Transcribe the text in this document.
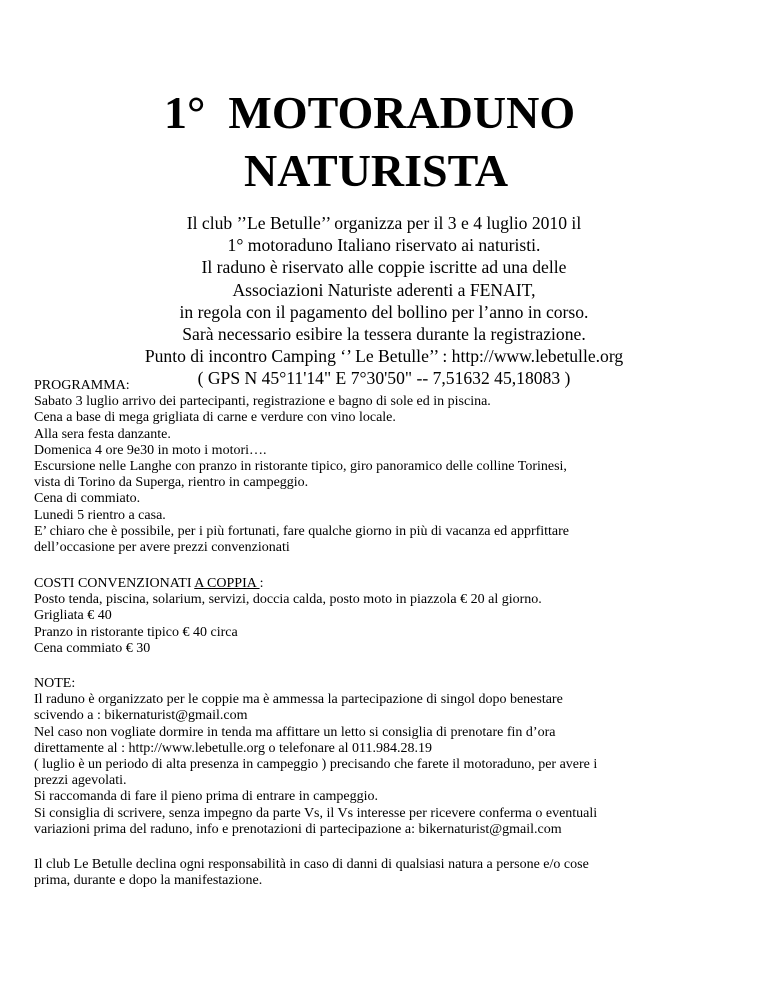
1°  MOTORADUNO
NATURISTA
Il club ’’Le Betulle’’ organizza per il 3 e 4 luglio 2010 il
1° motoraduno Italiano riservato ai naturisti.
Il raduno è riservato alle coppie iscritte ad una delle
Associazioni Naturiste aderenti a FENAIT,
in regola con il pagamento del bollino per l’anno in corso.
Sarà necessario esibire la tessera durante la registrazione.
Punto di incontro Camping ‘’ Le Betulle’’ : http://www.lebetulle.org
( GPS N 45°11'14" E 7°30'50" -- 7,51632 45,18083 )
PROGRAMMA:
Sabato 3 luglio arrivo dei partecipanti, registrazione e bagno di sole ed in piscina.
Cena a base di mega grigliata di carne e verdure con vino locale.
Alla sera festa danzante.
Domenica 4 ore 9e30 in moto i motori….
Escursione nelle Langhe con pranzo in ristorante tipico, giro panoramico delle colline Torinesi,
vista di Torino da Superga, rientro in campeggio.
Cena di commiato.
Lunedi 5 rientro a casa.
E’ chiaro che è possibile, per i più fortunati, fare qualche giorno in più di vacanza ed apprfittare
dell’occasione per avere prezzi convenzionati
COSTI CONVENZIONATI A COPPIA :
Posto tenda, piscina, solarium, servizi, doccia calda, posto moto in piazzola € 20 al giorno.
Grigliata € 40
Pranzo in ristorante tipico € 40 circa
Cena commiato € 30
NOTE:
Il raduno è organizzato per le coppie ma è ammessa la partecipazione di singol dopo benestare
scivendo a : bikernaturist@gmail.com
Nel caso non vogliate dormire in tenda ma affittare un letto si consiglia di prenotare fin d’ora
direttamente al : http://www.lebetulle.org o telefonare al 011.984.28.19
( luglio è un periodo di alta presenza in campeggio ) precisando che farete il motoraduno, per avere i
prezzi agevolati.
Si raccomanda di fare il pieno prima di entrare in campeggio.
Si consiglia di scrivere, senza impegno da parte Vs, il Vs interesse per ricevere conferma o eventuali
variazioni prima del raduno, info e prenotazioni di partecipazione a: bikernaturist@gmail.com
Il club Le Betulle declina ogni responsabilità in caso di danni di qualsiasi natura a persone e/o cose
prima, durante e dopo la manifestazione.
